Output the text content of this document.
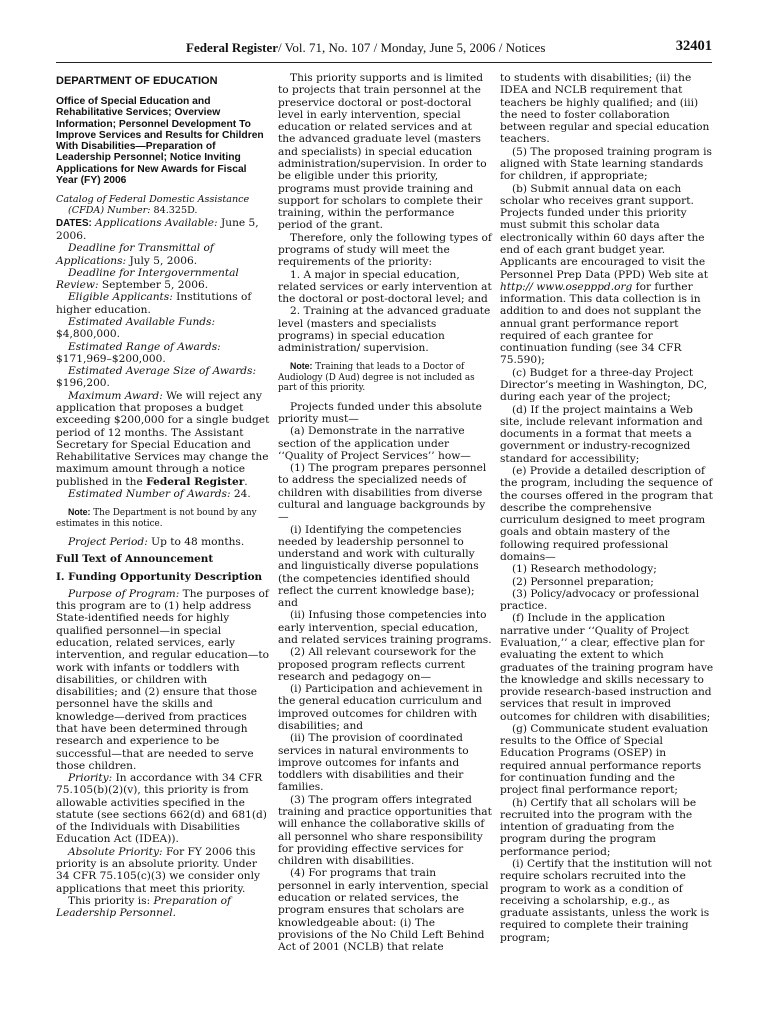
Federal Register/ Vol. 71, No. 107 / Monday, June 5, 2006 / Notices	32401

DEPARTMENT OF EDUCATION

Office of Special Education and Rehabilitative Services; Overview Information; Personnel Development To Improve Services and Results for Children With Disabilities—Preparation of Leadership Personnel; Notice Inviting Applications for New Awards for Fiscal Year (FY) 2006

Catalog of Federal Domestic Assistance

(CFDA) Number: 84.325D.

DATES: Applications Available: June 5, 2006.

Deadline for Transmittal of Applications: July 5, 2006.

Deadline for Intergovernmental Review: September 5, 2006.

Eligible Applicants: Institutions of higher education.

Estimated Available Funds:

$4,800,000.

Estimated Range of Awards:

$171,969–$200,000.

Estimated Average Size of Awards:

$196,200.

Maximum Award: We will reject any application that proposes a budget exceeding $200,000 for a single budget period of 12 months. The Assistant Secretary for Special Education and Rehabilitative Services may change the maximum amount through a notice published in the Federal Register.

Estimated Number of Awards: 24.

Note: The Department is not bound by any estimates in this notice.

Project Period: Up to 48 months.

Full Text of Announcement

I. Funding Opportunity Description

Purpose of Program: The purposes of this program are to (1) help address State-identified needs for highly qualified personnel—in special education, related services, early intervention, and regular education—to work with infants or toddlers with disabilities, or children with disabilities; and (2) ensure that those personnel have the skills and knowledge—derived from practices that have been determined through research and experience to be successful—that are needed to serve those children.

Priority: In accordance with 34 CFR 75.105(b)(2)(v), this priority is from allowable activities specified in the statute (see sections 662(d) and 681(d) of the Individuals with Disabilities Education Act (IDEA)).

Absolute Priority: For FY 2006 this priority is an absolute priority. Under 34 CFR 75.105(c)(3) we consider only applications that meet this priority.

This priority is: Preparation of Leadership Personnel.

This priority supports and is limited to projects that train personnel at the preservice doctoral or post-doctoral level in early intervention, special education or related services and at the advanced graduate level (masters and specialists) in special education administration/supervision. In order to be eligible under this priority, programs must provide training and support for scholars to complete their training, within the performance period of the grant.

Therefore, only the following types of programs of study will meet the requirements of the priority:

1. A major in special education, related services or early intervention at the doctoral or post-doctoral level; and

2. Training at the advanced graduate level (masters and specialists programs) in special education administration/ supervision.

Note: Training that leads to a Doctor of Audiology (D Aud) degree is not included as part of this priority.

Projects funded under this absolute priority must—

(a) Demonstrate in the narrative section of the application under ‘‘Quality of Project Services’’ how—

(1) The program prepares personnel to address the specialized needs of children with disabilities from diverse cultural and language backgrounds by—

(i) Identifying the competencies needed by leadership personnel to understand and work with culturally and linguistically diverse populations (the competencies identified should reflect the current knowledge base); and

(ii) Infusing those competencies into early intervention, special education, and related services training programs.

(2) All relevant coursework for the proposed program reflects current research and pedagogy on—

(i) Participation and achievement in the general education curriculum and improved outcomes for children with disabilities; and

(ii) The provision of coordinated services in natural environments to improve outcomes for infants and toddlers with disabilities and their families.

(3) The program offers integrated training and practice opportunities that will enhance the collaborative skills of all personnel who share responsibility for providing effective services for children with disabilities.

(4) For programs that train personnel in early intervention, special education or related services, the program ensures that scholars are knowledgeable about: (i) The provisions of the No Child Left Behind Act of 2001 (NCLB) that relate

to students with disabilities; (ii) the IDEA and NCLB requirement that teachers be highly qualified; and (iii) the need to foster collaboration between regular and special education teachers.

(5) The proposed training program is aligned with State learning standards for children, if appropriate;

(b) Submit annual data on each scholar who receives grant support. Projects funded under this priority must submit this scholar data electronically within 60 days after the end of each grant budget year. Applicants are encouraged to visit the Personnel Prep Data (PPD) Web site at http:// www.osepppd.org for further information. This data collection is in addition to and does not supplant the annual grant performance report required of each grantee for continuation funding (see 34 CFR 75.590);

(c) Budget for a three-day Project Director’s meeting in Washington, DC, during each year of the project;

(d) If the project maintains a Web site, include relevant information and documents in a format that meets a government or industry-recognized standard for accessibility;

(e) Provide a detailed description of the program, including the sequence of the courses offered in the program that describe the comprehensive curriculum designed to meet program goals and obtain mastery of the following required professional domains—

(1) Research methodology;

(2) Personnel preparation;

(3) Policy/advocacy or professional practice.

(f) Include in the application narrative under ‘‘Quality of Project Evaluation,’’ a clear, effective plan for evaluating the extent to which graduates of the training program have the knowledge and skills necessary to provide research-based instruction and services that result in improved outcomes for children with disabilities;

(g) Communicate student evaluation results to the Office of Special Education Programs (OSEP) in required annual performance reports for continuation funding and the project final performance report;

(h) Certify that all scholars will be recruited into the program with the intention of graduating from the program during the program performance period;

(i) Certify that the institution will not require scholars recruited into the program to work as a condition of receiving a scholarship, e.g., as graduate assistants, unless the work is required to complete their training program;
